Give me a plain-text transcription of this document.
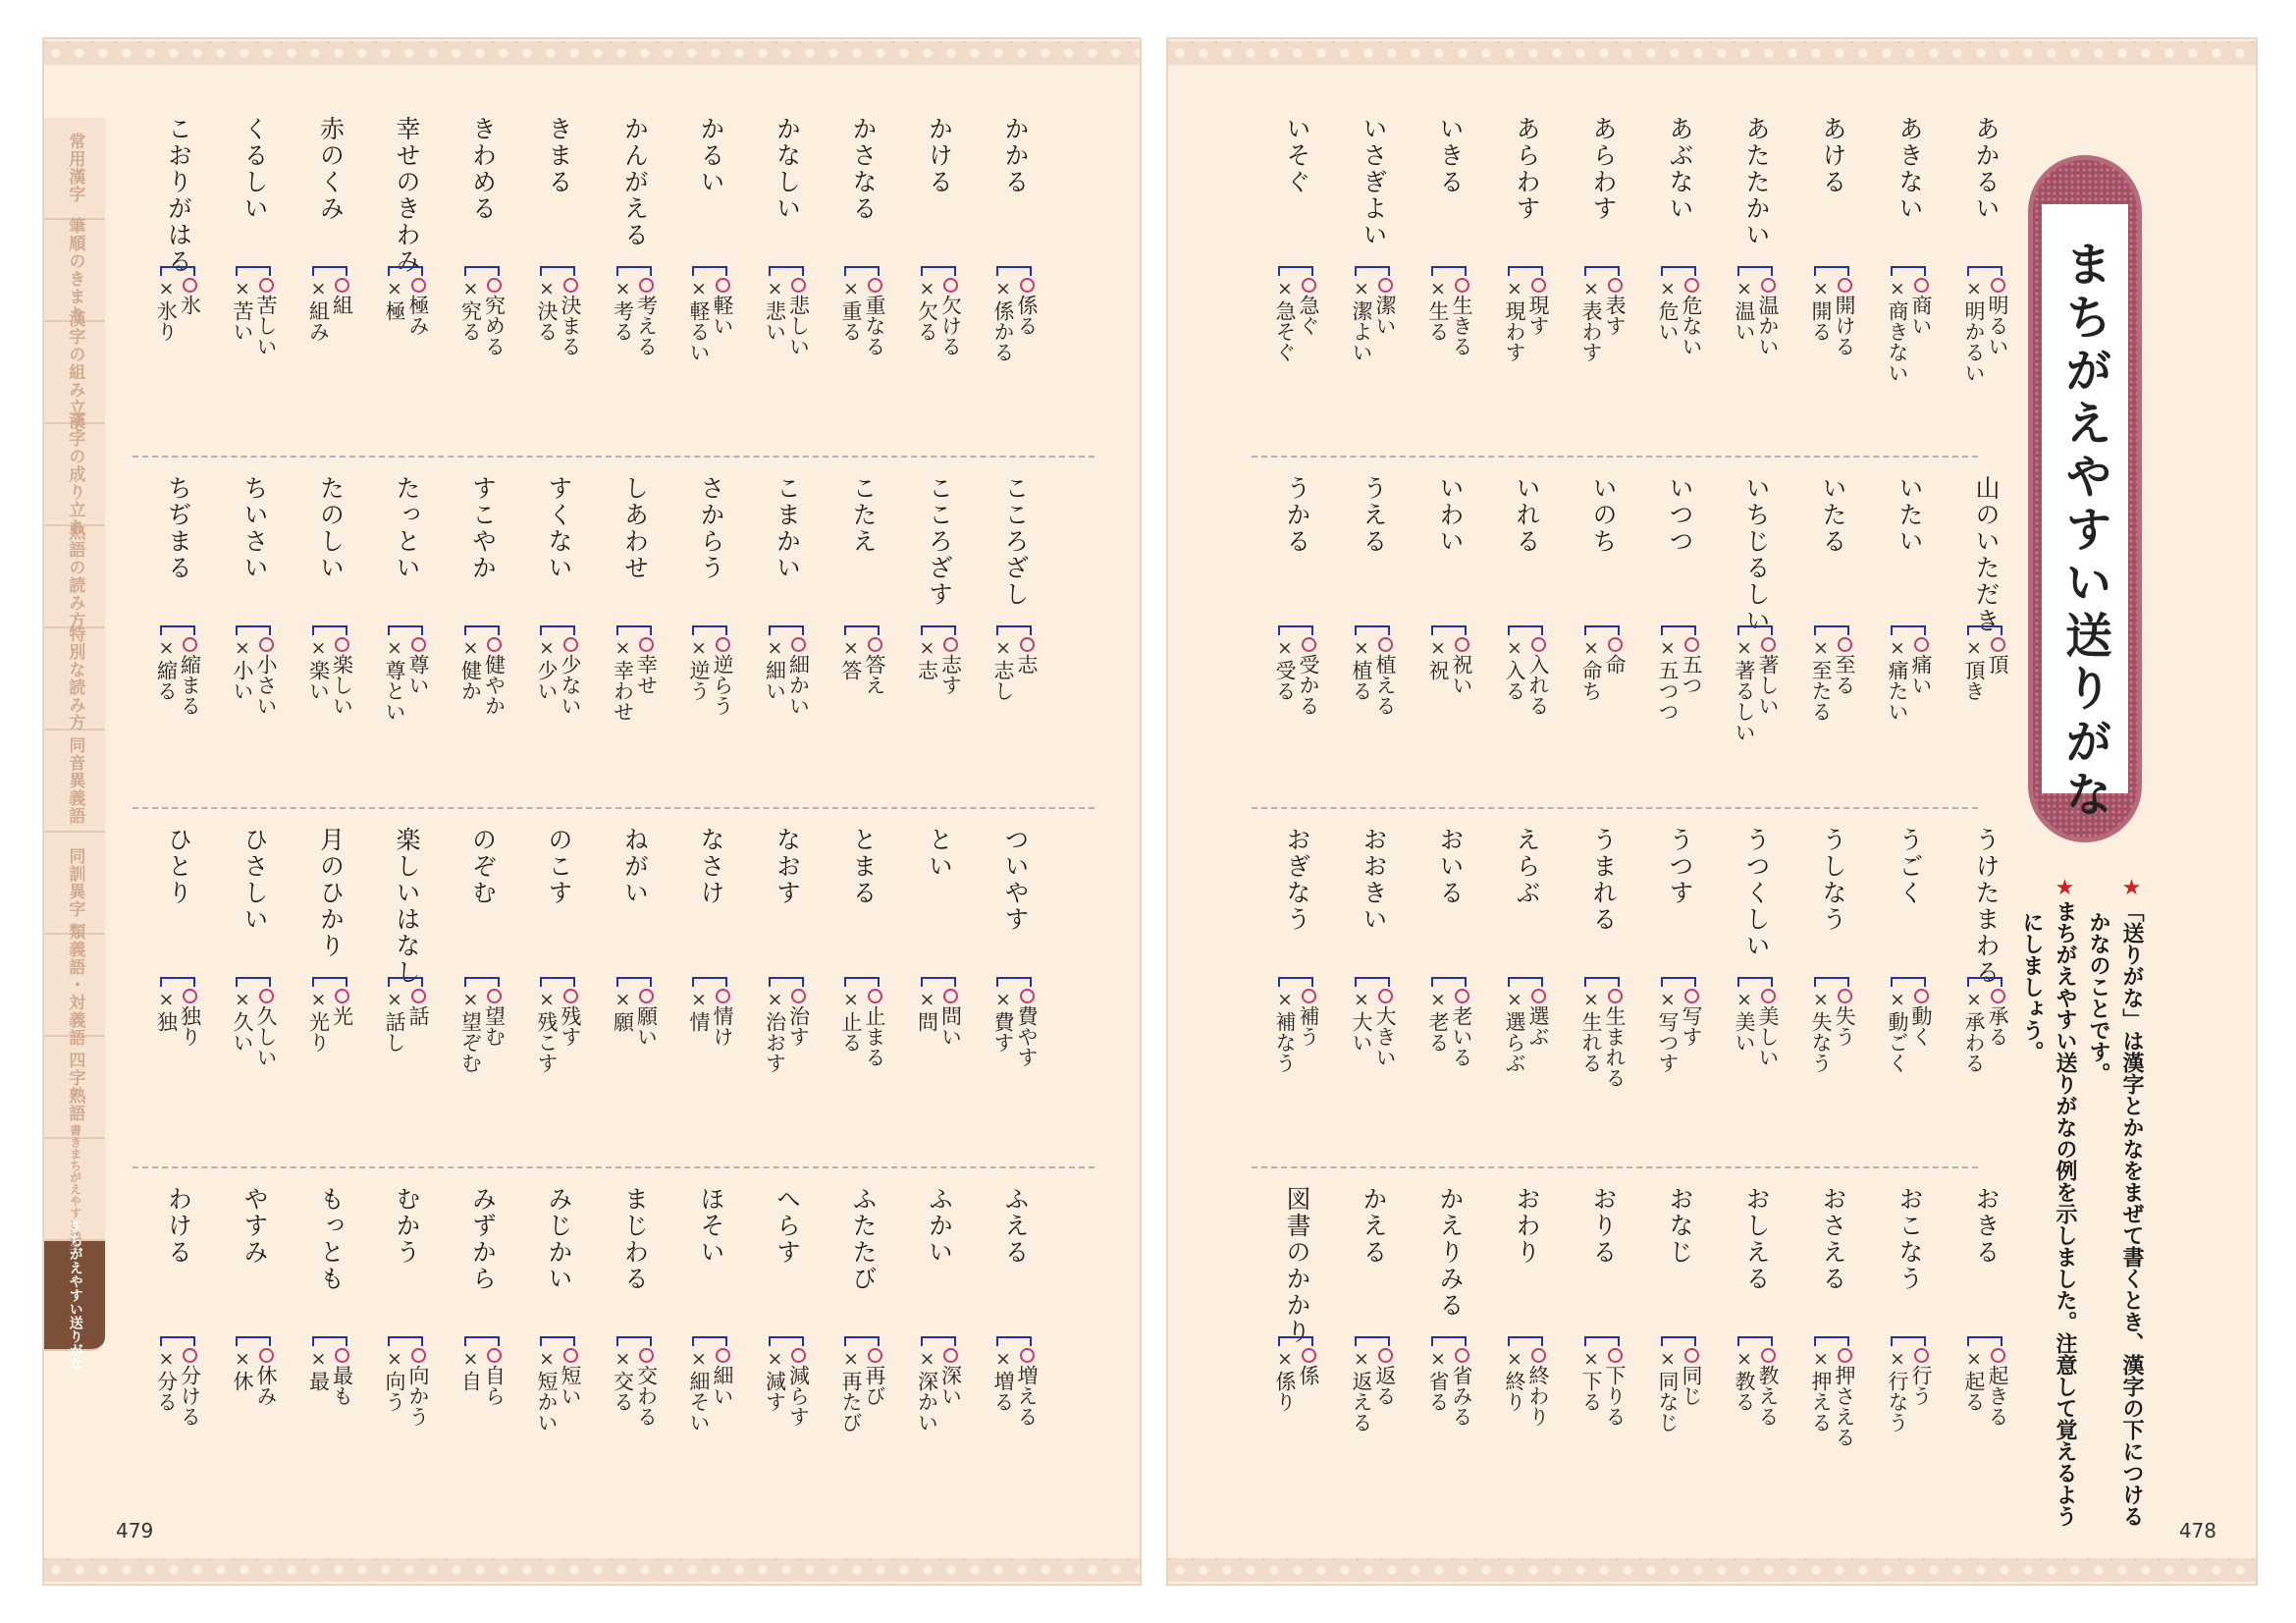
常用漢字
筆順のきまり
漢字の組み立て
漢字の成り立ち
熟語の読み方
特別な読み方
同音異義語
同訓異字
類義語・対義語
四字熟語
書きまちがえやすい漢字
まちがえやすい送りがな
かかる
係る
×係かる
かける
欠ける
×欠る
かさなる
重なる
×重る
かなしい
悲しい
×悲い
かるい
軽い
×軽るい
かんがえる
考える
×考る
きまる
決まる
×決る
きわめる
究める
×究る
幸せのきわみ
極み
×極
赤のくみ
組
×組み
くるしい
苦しい
×苦い
こおりがはる
氷
×氷り
こころざし
志
×志し
こころざす
志す
×志
こたえ
答え
×答
こまかい
細かい
×細い
さからう
逆らう
×逆う
しあわせ
幸せ
×幸わせ
すくない
少ない
×少い
すこやか
健やか
×健か
たっとい
尊い
×尊とい
たのしい
楽しい
×楽い
ちいさい
小さい
×小い
ちぢまる
縮まる
×縮る
ついやす
費やす
×費す
とい
問い
×問
とまる
止まる
×止る
なおす
治す
×治おす
なさけ
情け
×情
ねがい
願い
×願
のこす
残す
×残こす
のぞむ
望む
×望ぞむ
楽しいはなし
話
×話し
月のひかり
光
×光り
ひさしい
久しい
×久い
ひとり
独り
×独
ふえる
増える
×増る
ふかい
深い
×深かい
ふたたび
再び
×再たび
へらす
減らす
×減す
ほそい
細い
×細そい
まじわる
交わる
×交る
みじかい
短い
×短かい
みずから
自ら
×自
むかう
向かう
×向う
もっとも
最も
×最
やすみ
休み
×休
わける
分ける
×分る
479
あかるい
明るい
×明かるい
あきない
商い
×商きない
あける
開ける
×開る
あたたかい
温かい
×温い
あぶない
危ない
×危い
あらわす
表す
×表わす
あらわす
現す
×現わす
いきる
生きる
×生る
いさぎよい
潔い
×潔よい
いそぐ
急ぐ
×急そぐ
山のいただき
頂
×頂き
いたい
痛い
×痛たい
いたる
至る
×至たる
いちじるしい
著しい
×著るしい
いつつ
五つ
×五つつ
いのち
命
×命ち
いれる
入れる
×入る
いわい
祝い
×祝
うえる
植える
×植る
うかる
受かる
×受る
うけたまわる
承る
×承わる
うごく
動く
×動ごく
うしなう
失う
×失なう
うつくしい
美しい
×美い
うつす
写す
×写つす
うまれる
生まれる
×生れる
えらぶ
選ぶ
×選らぶ
おいる
老いる
×老る
おおきい
大きい
×大い
おぎなう
補う
×補なう
おきる
起きる
×起る
おこなう
行う
×行なう
おさえる
押さえる
×押える
おしえる
教える
×教る
おなじ
同じ
×同なじ
おりる
下りる
×下る
おわり
終わり
×終り
かえりみる
省みる
×省る
かえる
返る
×返える
図書のかかり
係
×係り
まちがえやすい送りがな
★「送りがな」は漢字とかなをまぜて書くとき、漢字の下につける
かなのことです。
★まちがえやすい送りがなの例を示しました。注意して覚えるよう
にしましょう。
478
